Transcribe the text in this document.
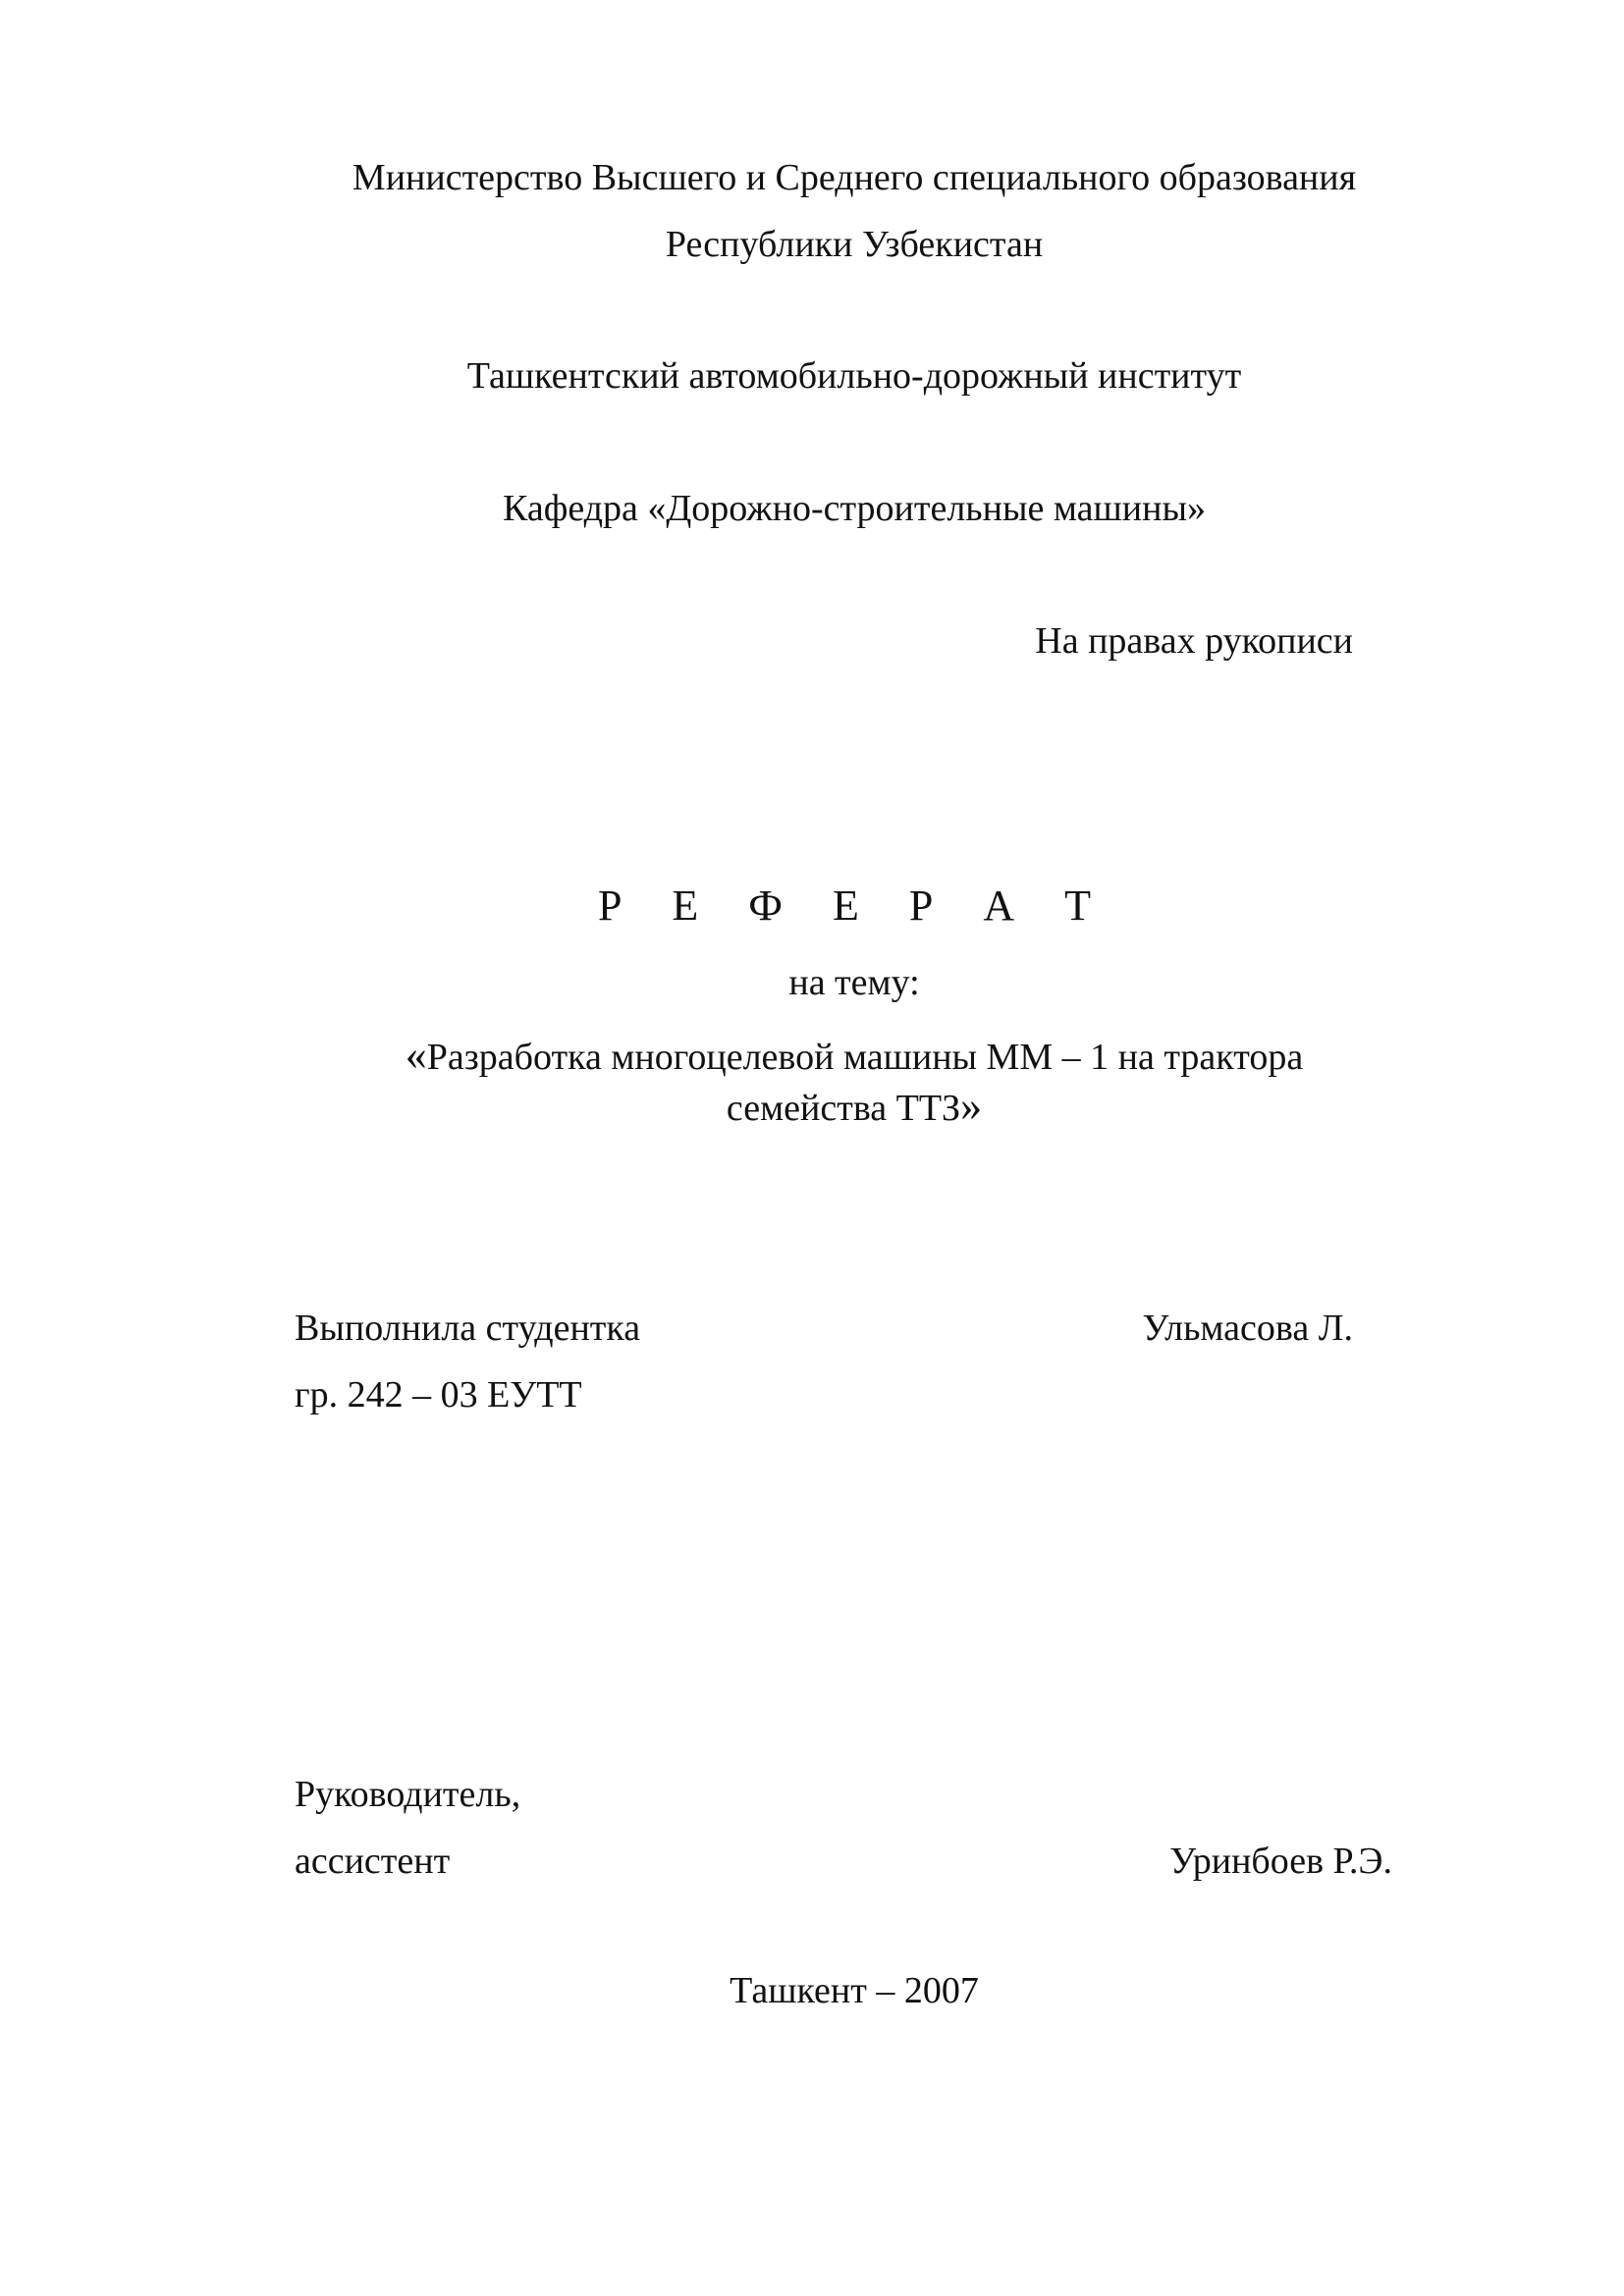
Министерство Высшего и Среднего специального образования
Республики Узбекистан
Ташкентский автомобильно-дорожный институт
Кафедра «Дорожно-строительные машины»
На правах рукописи
Р Е Ф Е Р А Т
на тему:
«Разработка многоцелевой машины ММ – 1 на трактора
семейства ТТЗ»
Выполнила студентка	Ульмасова Л.
гр. 242 – 03 ЕУТТ
Руководитель,
ассистент	Уринбоев Р.Э.
Ташкент – 2007
